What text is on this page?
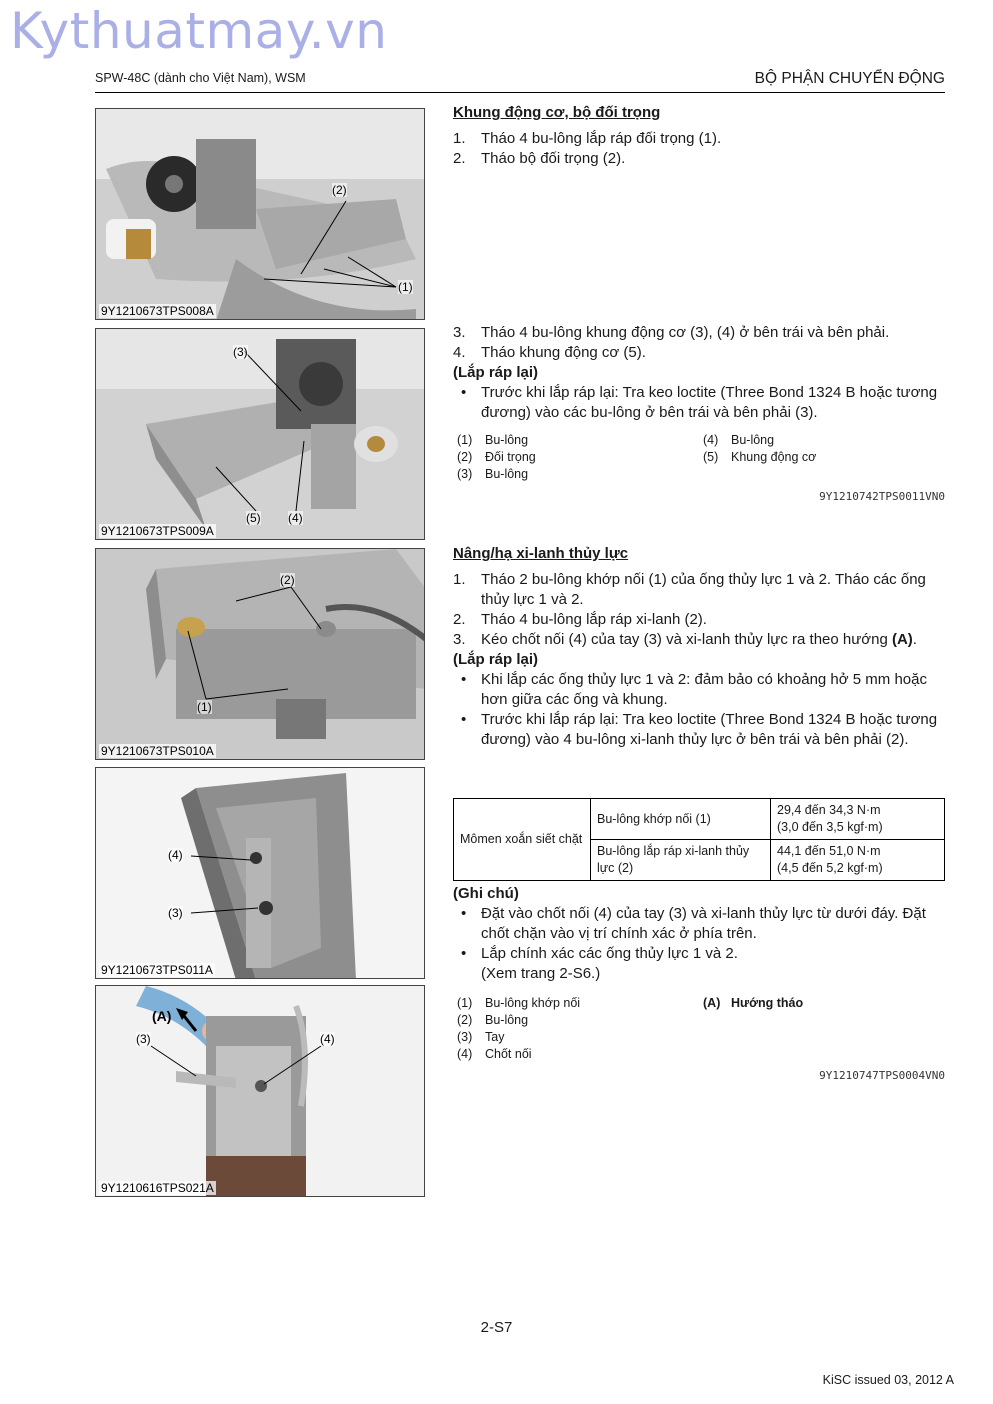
Kythuatmay.vn
SPW-48C (dành cho Việt Nam), WSM	BỘ PHẬN CHUYỂN ĐỘNG
(2)
(1)
9Y1210673TPS008A
(3)
(5) (4)
9Y1210673TPS009A
(2)
(1)
9Y1210673TPS010A
(4)
(3)
9Y1210673TPS011A
(A)
(3)	(4)
9Y1210616TPS021A
Khung động cơ, bộ đối trọng
1. Tháo 4 bu-lông lắp ráp đối trọng (1).
2. Tháo bộ đối trọng (2).
3. Tháo 4 bu-lông khung động cơ (3), (4) ở bên trái và bên phải.
4. Tháo khung động cơ (5).
(Lắp ráp lại)
• Trước khi lắp ráp lại: Tra keo loctite (Three Bond 1324 B hoặc tương đương) vào các bu-lông ở bên trái và bên phải (3).
(1) Bu-lông
(2) Đối trọng
(3) Bu-lông
(4) Bu-lông
(5) Khung động cơ
9Y1210742TPS0011VN0
Nâng/hạ xi-lanh thủy lực
1. Tháo 2 bu-lông khớp nối (1) của ống thủy lực 1 và 2. Tháo các ống thủy lực 1 và 2.
2. Tháo 4 bu-lông lắp ráp xi-lanh (2).
3. Kéo chốt nối (4) của tay (3) và xi-lanh thủy lực ra theo hướng (A).
(Lắp ráp lại)
• Khi lắp các ống thủy lực 1 và 2: đảm bảo có khoảng hở 5 mm hoặc hơn giữa các ống và khung.
• Trước khi lắp ráp lại: Tra keo loctite (Three Bond 1324 B hoặc tương đương) vào 4 bu-lông xi-lanh thủy lực ở bên trái và bên phải (2).
Mômen xoắn siết chặt	Bu-lông khớp nối (1)	29,4 đến 34,3 N·m
(3,0 đến 3,5 kgf·m)

	Bu-lông lắp ráp xi-lanh thủy lực (2)	44,1 đến 51,0 N·m
(4,5 đến 5,2 kgf·m)
(Ghi chú)
• Đặt vào chốt nối (4) của tay (3) và xi-lanh thủy lực từ dưới đáy. Đặt chốt chặn vào vị trí chính xác ở phía trên.
• Lắp chính xác các ống thủy lực 1 và 2. (Xem trang 2-S6.)
(1) Bu-lông khớp nối
(2) Bu-lông
(3) Tay
(4) Chốt nối
(A) Hướng tháo
9Y1210747TPS0004VN0
2-S7
KiSC issued 03, 2012 A
